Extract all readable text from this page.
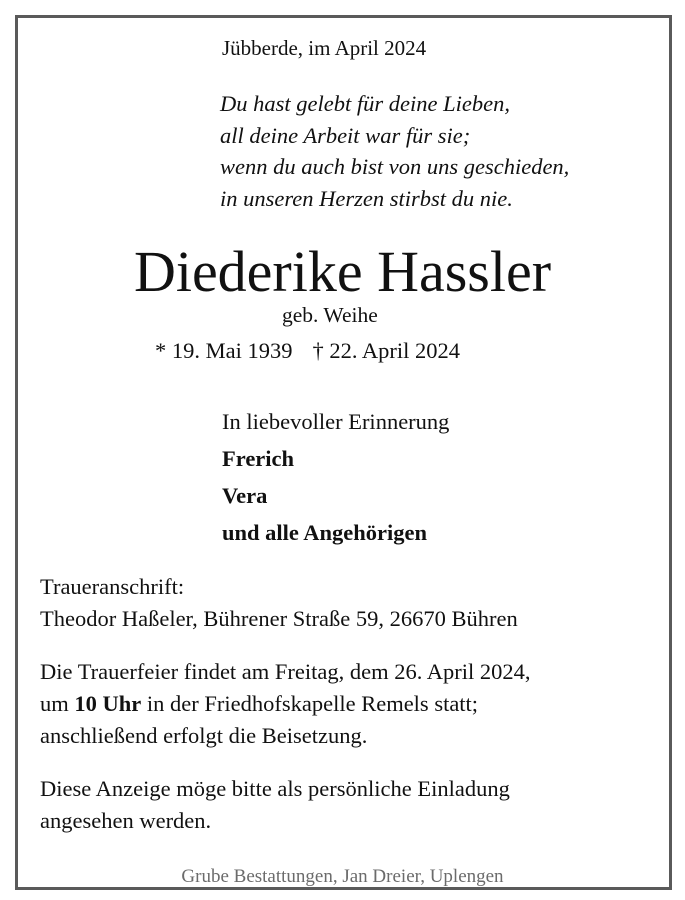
Jübberde, im April 2024
Du hast gelebt für deine Lieben,
all deine Arbeit war für sie;
wenn du auch bist von uns geschieden,
in unseren Herzen stirbst du nie.
Diederike Hassler
geb. Weihe
* 19. Mai 1939 † 22. April 2024
In liebevoller Erinnerung
Frerich
Vera
und alle Angehörigen
Traueranschrift:
Theodor Haßeler, Bührener Straße 59, 26670 Bühren
Die Trauerfeier findet am Freitag, dem 26. April 2024,
um 10 Uhr in der Friedhofskapelle Remels statt;
anschließend erfolgt die Beisetzung.
Diese Anzeige möge bitte als persönliche Einladung
angesehen werden.
Grube Bestattungen, Jan Dreier, Uplengen
